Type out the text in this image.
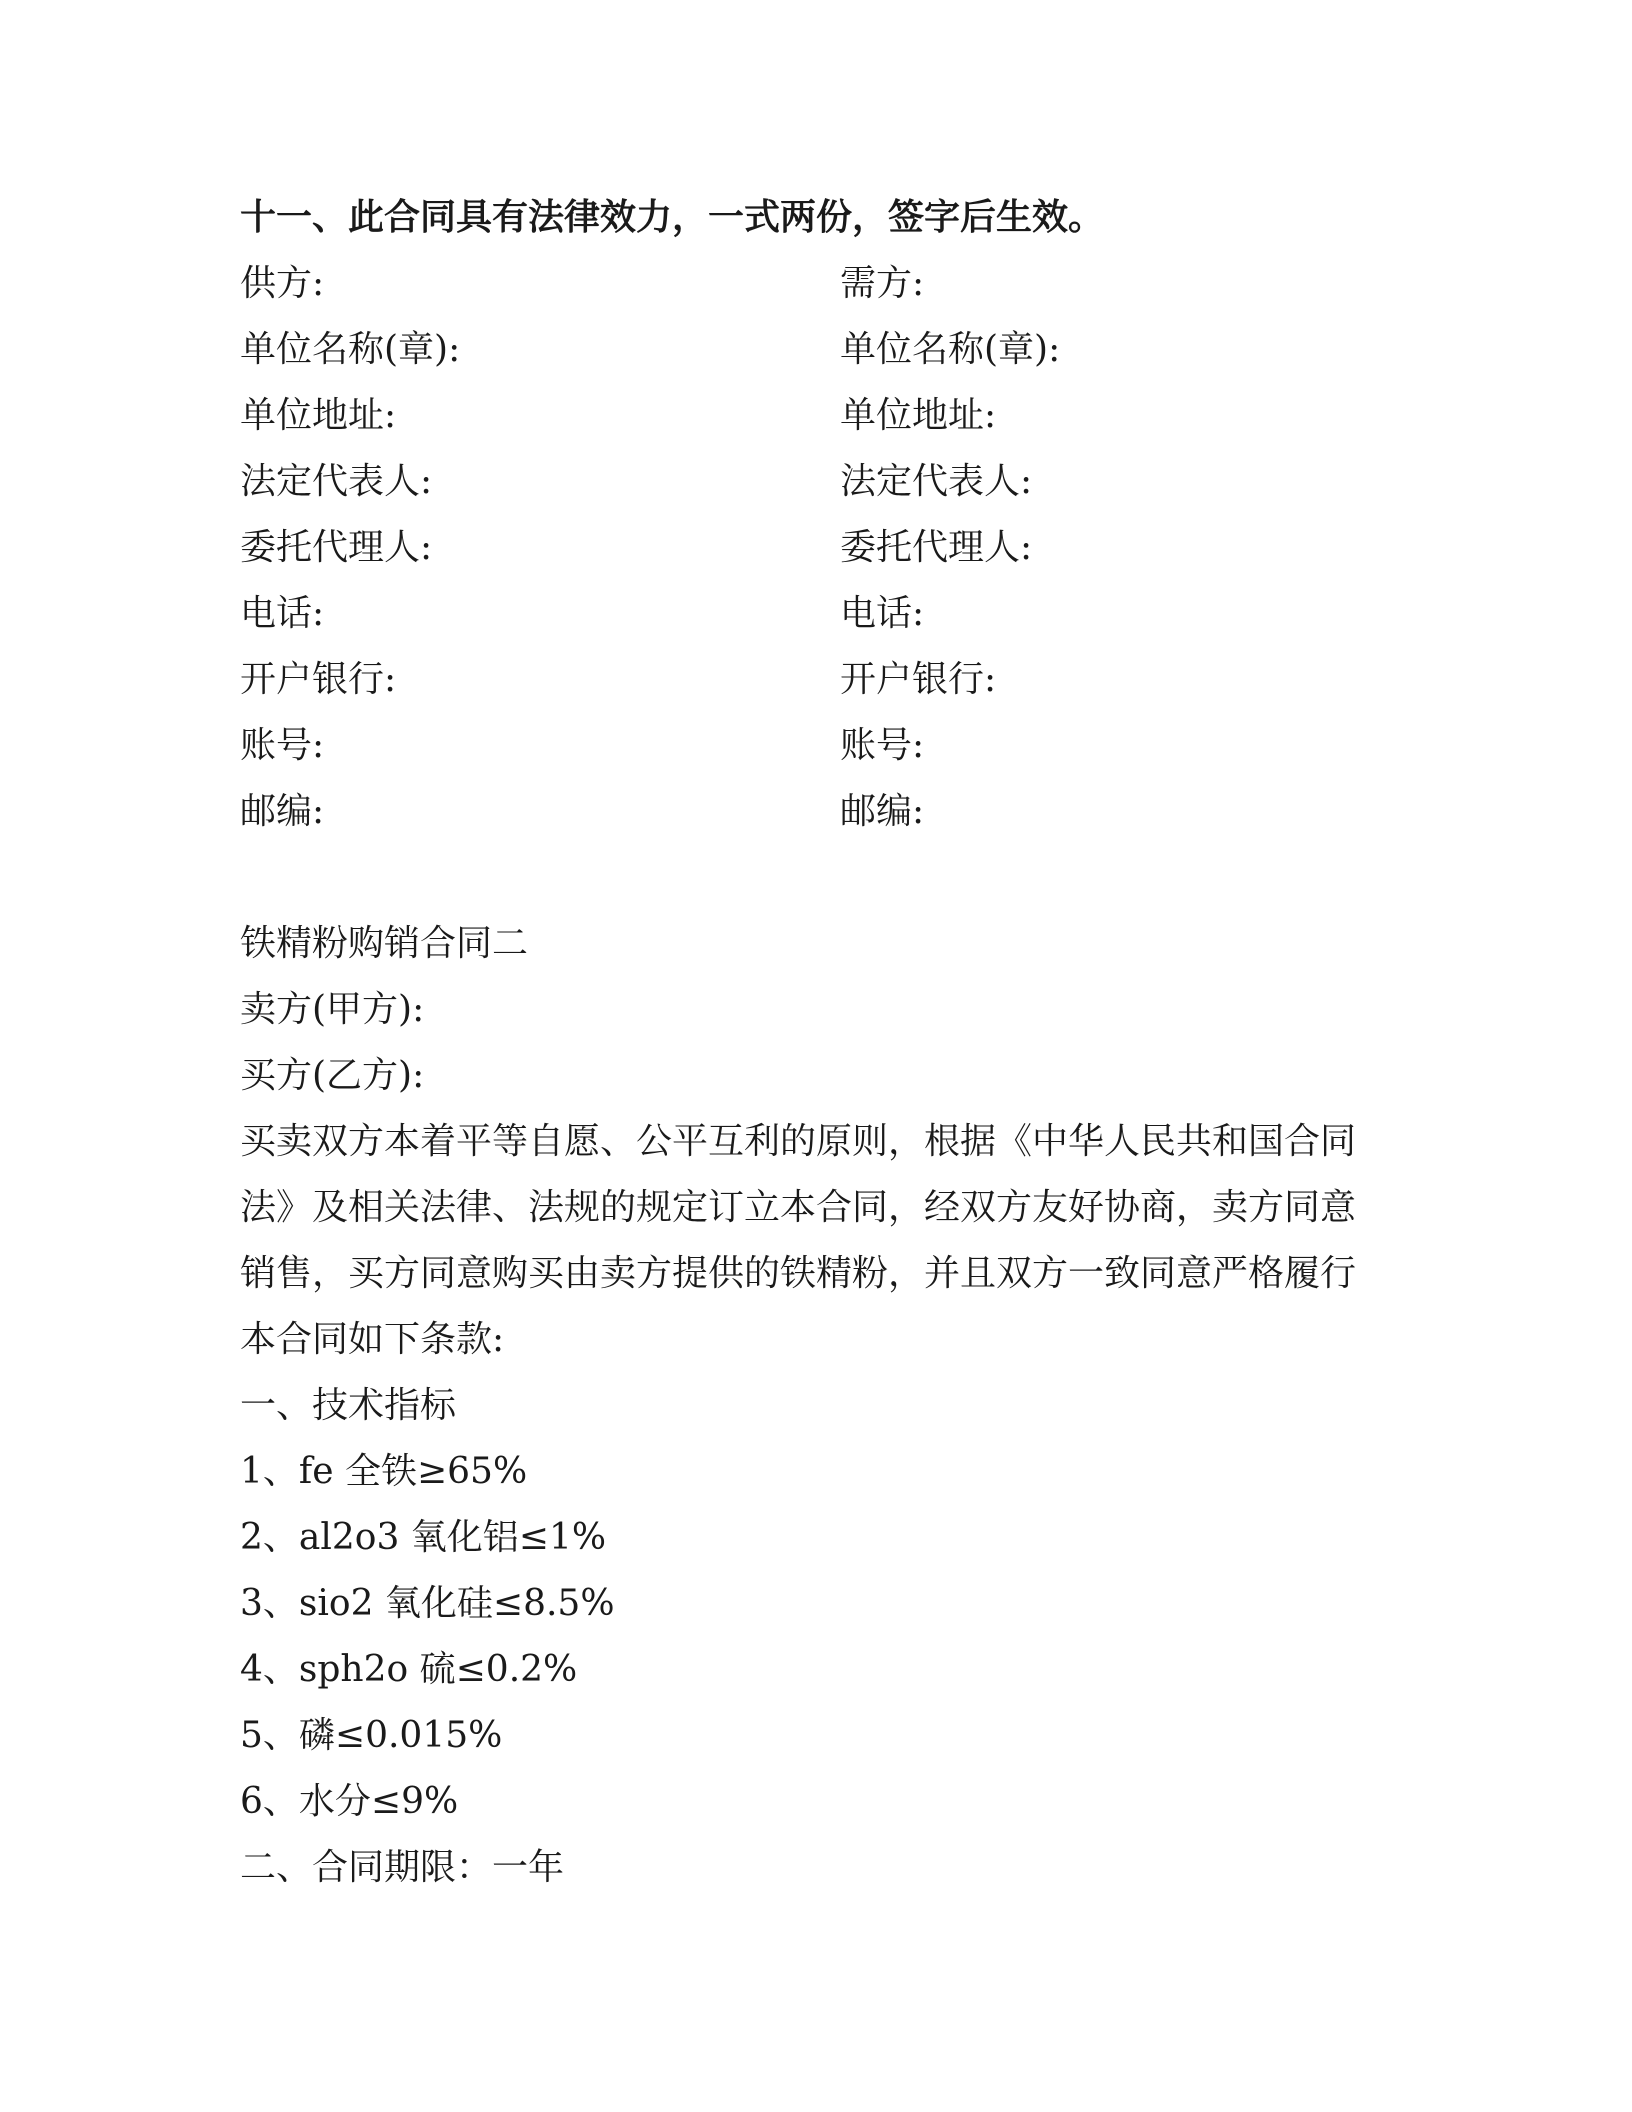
十一、此合同具有法律效力，一式两份，签字后生效。
供方:
单位名称(章):
单位地址:
法定代表人:
委托代理人:
电话:
开户银行:
账号:
邮编:
需方:
单位名称(章):
单位地址:
法定代表人:
委托代理人:
电话:
开户银行:
账号:
邮编:
铁精粉购销合同二
卖方(甲方):
买方(乙方):
买卖双方本着平等自愿、公平互利的原则，根据《中华人民共和国合同法》及相关法律、法规的规定订立本合同，经双方友好协商，卖方同意销售，买方同意购买由卖方提供的铁精粉，并且双方一致同意严格履行本合同如下条款:
一、技术指标
1、fe 全铁≥65%
2、al2o3 氧化铝≤1%
3、sio2 氧化硅≤8.5%
4、sph2o 硫≤0.2%
5、磷≤0.015%
6、水分≤9%
二、合同期限：一年
